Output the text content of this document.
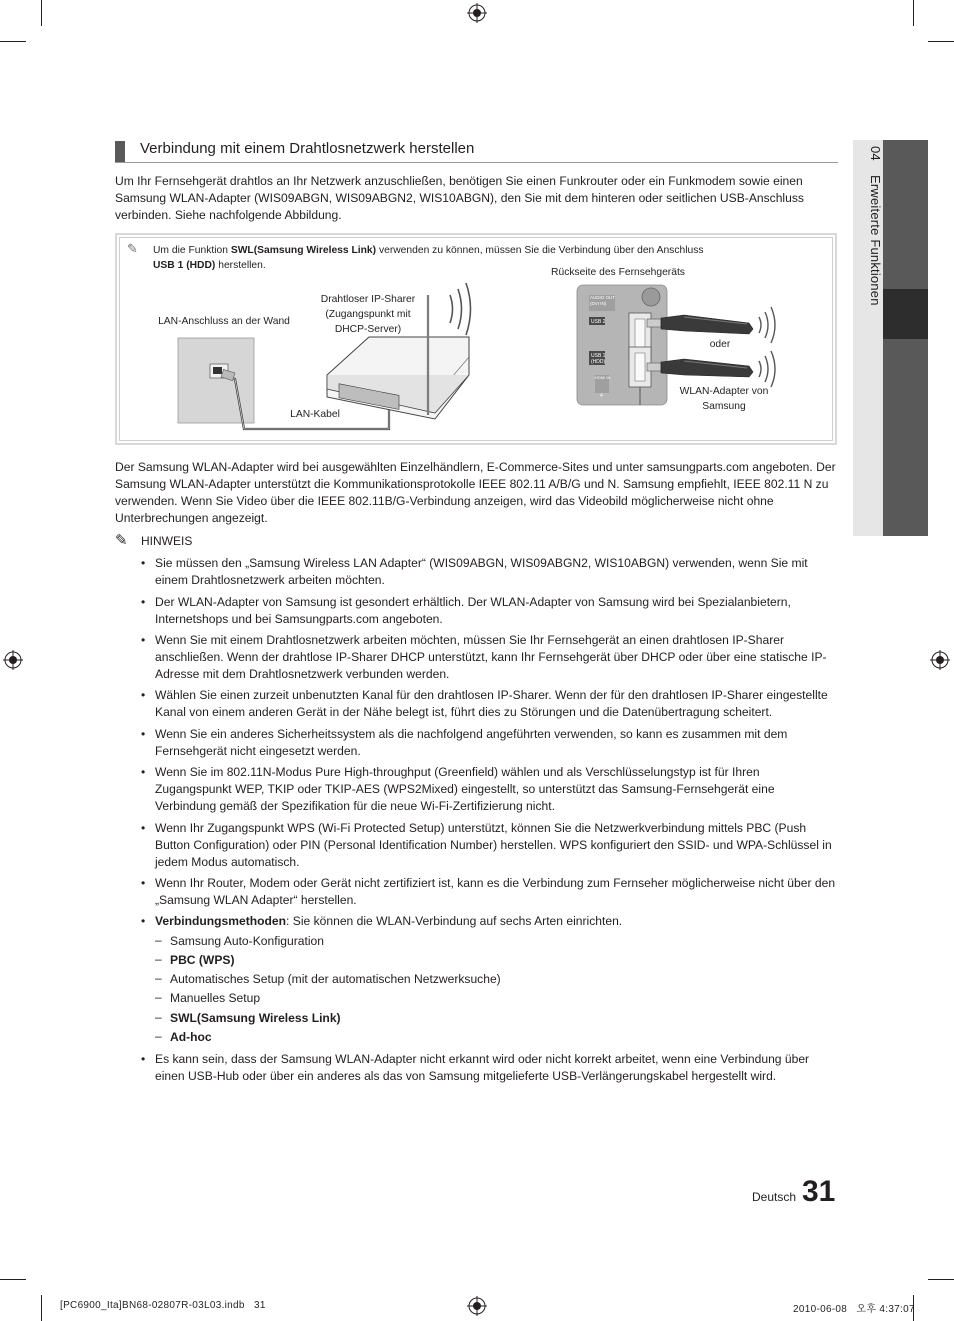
04 Erweiterte Funktionen
Verbindung mit einem Drahtlosnetzwerk herstellen
Um Ihr Fernsehgerät drahtlos an Ihr Netzwerk anzuschließen, benötigen Sie einen Funkrouter oder ein Funkmodem sowie einen Samsung WLAN-Adapter (WIS09ABGN, WIS09ABGN2, WIS10ABGN), den Sie mit dem hinteren oder seitlichen USB-Anschluss verbinden. Siehe nachfolgende Abbildung.
✎ Um die Funktion SWL(Samsung Wireless Link) verwenden zu können, müssen Sie die Verbindung über den Anschluss USB 1 (HDD) herstellen.
LAN-Anschluss an der Wand
Drahtloser IP-Sharer
(Zugangspunkt mit
DHCP-Server)
LAN-Kabel
Rückseite des Fernsehgeräts
oder
WLAN-Adapter von
Samsung
AUDIO OUT
(DVI IN)
USB 2
USB 1
(HDD)
HDMI IN
4
Der Samsung WLAN-Adapter wird bei ausgewählten Einzelhändlern, E-Commerce-Sites und unter samsungparts.com angeboten. Der Samsung WLAN-Adapter unterstützt die Kommunikationsprotokolle IEEE 802.11 A/B/G und N. Samsung empfiehlt, IEEE 802.11 N zu verwenden. Wenn Sie Video über die IEEE 802.11B/G-Verbindung anzeigen, wird das Videobild möglicherweise nicht ohne Unterbrechungen angezeigt.
✎ HINWEIS
• Sie müssen den „Samsung Wireless LAN Adapter“ (WIS09ABGN, WIS09ABGN2, WIS10ABGN) verwenden, wenn Sie mit einem Drahtlosnetzwerk arbeiten möchten.
• Der WLAN-Adapter von Samsung ist gesondert erhältlich. Der WLAN-Adapter von Samsung wird bei Spezialanbietern, Internetshops und bei Samsungparts.com angeboten.
• Wenn Sie mit einem Drahtlosnetzwerk arbeiten möchten, müssen Sie Ihr Fernsehgerät an einen drahtlosen IP-Sharer anschließen. Wenn der drahtlose IP-Sharer DHCP unterstützt, kann Ihr Fernsehgerät über DHCP oder über eine statische IP-Adresse mit dem Drahtlosnetzwerk verbunden werden.
• Wählen Sie einen zurzeit unbenutzten Kanal für den drahtlosen IP-Sharer. Wenn der für den drahtlosen IP-Sharer eingestellte Kanal von einem anderen Gerät in der Nähe belegt ist, führt dies zu Störungen und die Datenübertragung scheitert.
• Wenn Sie ein anderes Sicherheitssystem als die nachfolgend angeführten verwenden, so kann es zusammen mit dem Fernsehgerät nicht eingesetzt werden.
• Wenn Sie im 802.11N-Modus Pure High-throughput (Greenfield) wählen und als Verschlüsselungstyp ist für Ihren Zugangspunkt WEP, TKIP oder TKIP-AES (WPS2Mixed) eingestellt, so unterstützt das Samsung-Fernsehgerät eine Verbindung gemäß der Spezifikation für die neue Wi-Fi-Zertifizierung nicht.
• Wenn Ihr Zugangspunkt WPS (Wi-Fi Protected Setup) unterstützt, können Sie die Netzwerkverbindung mittels PBC (Push Button Configuration) oder PIN (Personal Identification Number) herstellen. WPS konfiguriert den SSID- und WPA-Schlüssel in jedem Modus automatisch.
• Wenn Ihr Router, Modem oder Gerät nicht zertifiziert ist, kann es die Verbindung zum Fernseher möglicherweise nicht über den „Samsung WLAN Adapter“ herstellen.
• Verbindungsmethoden: Sie können die WLAN-Verbindung auf sechs Arten einrichten.
– Samsung Auto-Konfiguration
– PBC (WPS)
– Automatisches Setup (mit der automatischen Netzwerksuche)
– Manuelles Setup
– SWL(Samsung Wireless Link)
– Ad-hoc
• Es kann sein, dass der Samsung WLAN-Adapter nicht erkannt wird oder nicht korrekt arbeitet, wenn eine Verbindung über einen USB-Hub oder über ein anderes als das von Samsung mitgelieferte USB-Verlängerungskabel hergestellt wird.
Deutsch 31
[PC6900_Ita]BN68-02807R-03L03.indb   31	2010-06-08   오후 4:37:07
